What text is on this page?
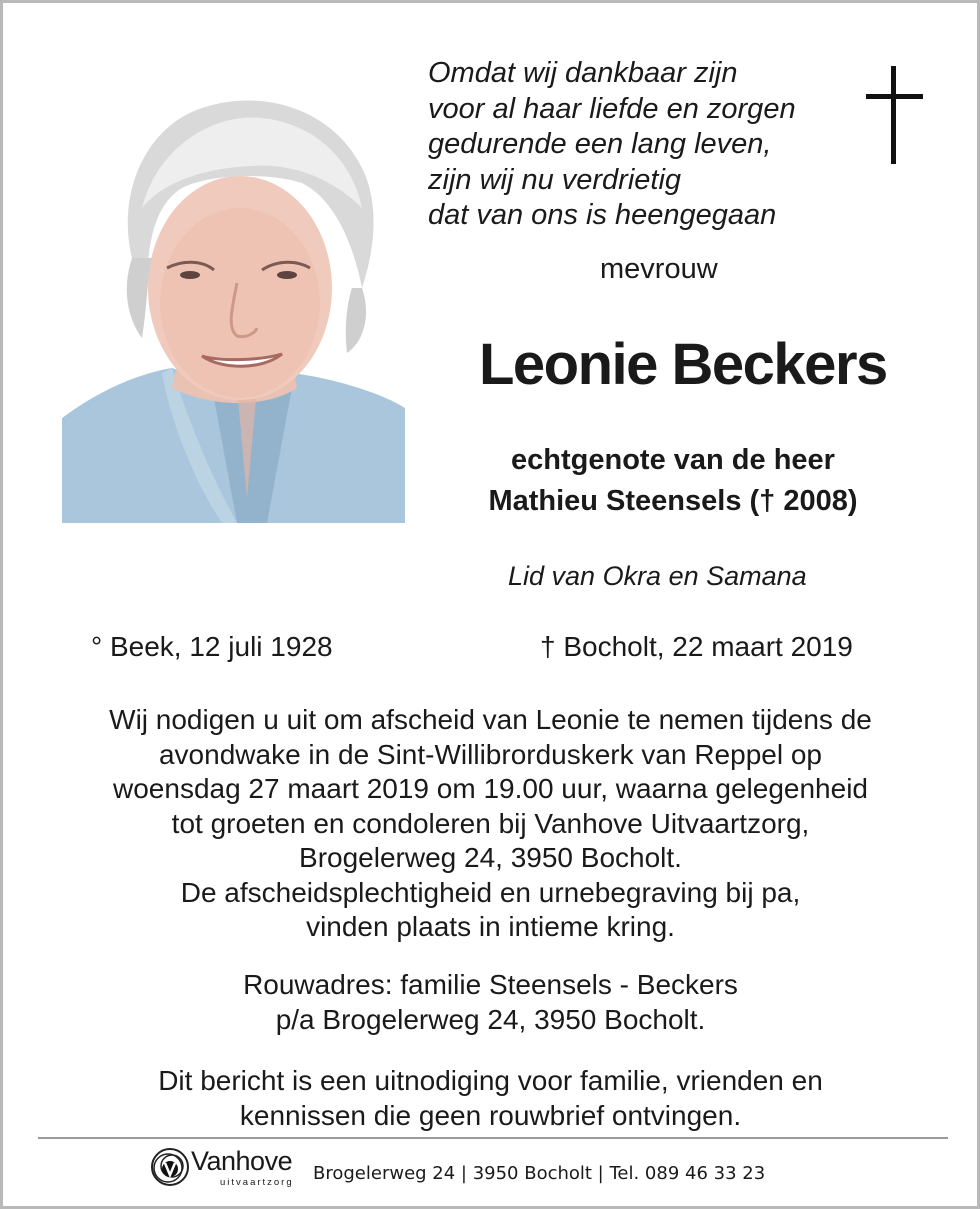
Omdat wij dankbaar zijn
voor al haar liefde en zorgen
gedurende een lang leven,
zijn wij nu verdrietig
dat van ons is heengegaan
mevrouw
Leonie Beckers
echtgenote van de heer
Mathieu Steensels († 2008)
Lid van Okra en Samana
° Beek, 12 juli 1928	† Bocholt, 22 maart 2019
Wij nodigen u uit om afscheid van Leonie te nemen tijdens de
avondwake in de Sint-Willibrorduskerk van Reppel op
woensdag 27 maart 2019 om 19.00 uur, waarna gelegenheid
tot groeten en condoleren bij Vanhove Uitvaartzorg,
Brogelerweg 24, 3950 Bocholt.
De afscheidsplechtigheid en urnebegraving bij pa,
vinden plaats in intieme kring.
Rouwadres: familie Steensels - Beckers
p/a Brogelerweg 24, 3950 Bocholt.
Dit bericht is een uitnodiging voor familie, vrienden en
kennissen die geen rouwbrief ontvingen.
Vanhove
uitvaartzorg Brogelerweg 24 | 3950 Bocholt | Tel. 089 46 33 23
